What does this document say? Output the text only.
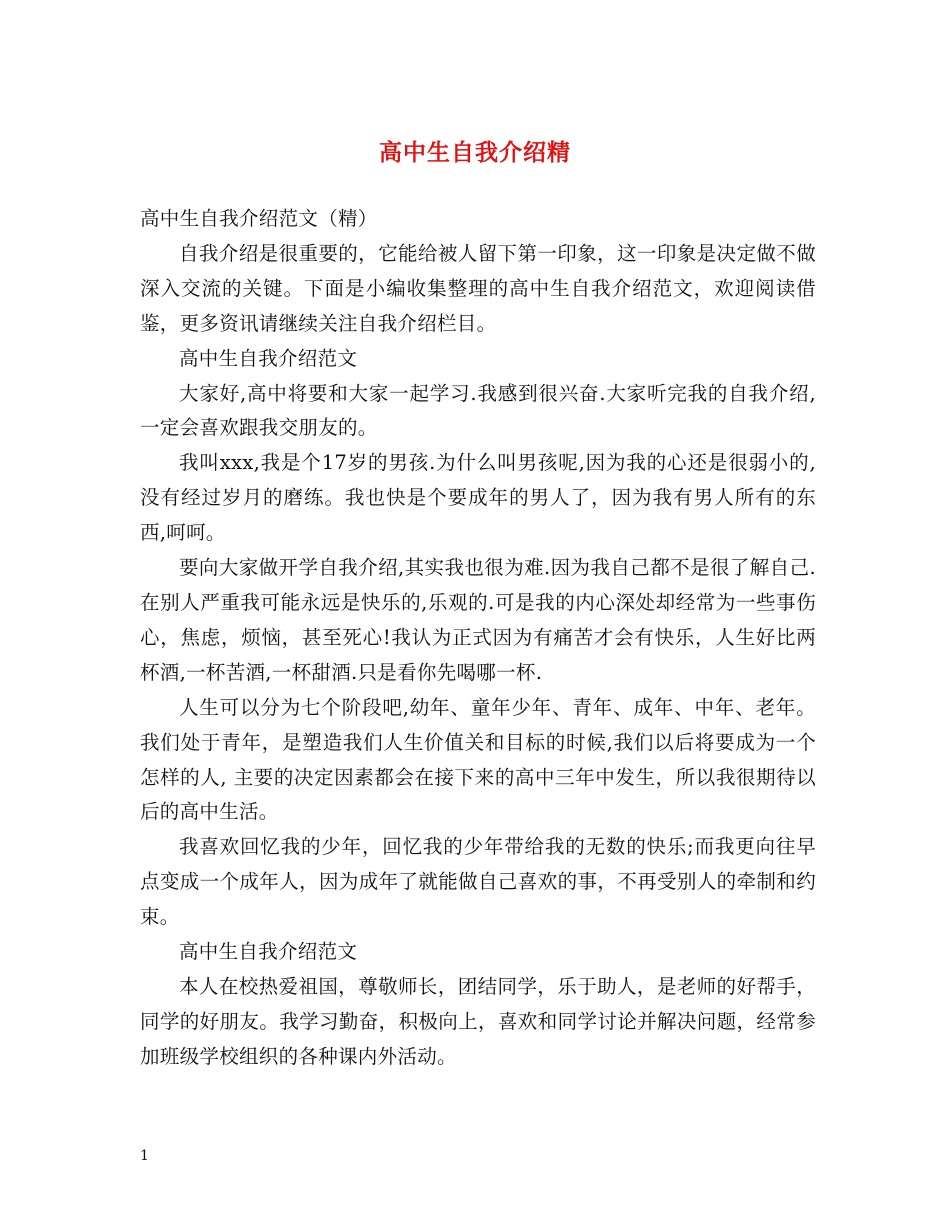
高中生自我介绍精

高中生自我介绍范文（精）

自我介绍是很重要的，它能给被人留下第一印象，这一印象是决定做不做深入交流的关键。下面是小编收集整理的高中生自我介绍范文，欢迎阅读借鉴，更多资讯请继续关注自我介绍栏目。

高中生自我介绍范文

大家好,高中将要和大家一起学习.我感到很兴奋.大家听完我的自我介绍,一定会喜欢跟我交朋友的。

我叫xxx,我是个17岁的男孩.为什么叫男孩呢,因为我的心还是很弱小的,没有经过岁月的磨练。我也快是个要成年的男人了，因为我有男人所有的东西,呵呵。

要向大家做开学自我介绍,其实我也很为难.因为我自己都不是很了解自己.在别人严重我可能永远是快乐的,乐观的.可是我的内心深处却经常为一些事伤心，焦虑，烦恼，甚至死心!我认为正式因为有痛苦才会有快乐，人生好比两杯酒,一杯苦酒,一杯甜酒.只是看你先喝哪一杯.

人生可以分为七个阶段吧,幼年、童年少年、青年、成年、中年、老年。我们处于青年，是塑造我们人生价值关和目标的时候,我们以后将要成为一个怎样的人, 主要的决定因素都会在接下来的高中三年中发生，所以我很期待以后的高中生活。

我喜欢回忆我的少年，回忆我的少年带给我的无数的快乐;而我更向往早点变成一个成年人，因为成年了就能做自己喜欢的事，不再受别人的牵制和约束。

高中生自我介绍范文

本人在校热爱祖国，尊敬师长，团结同学，乐于助人，是老师的好帮手，同学的好朋友。我学习勤奋，积极向上，喜欢和同学讨论并解决问题，经常参加班级学校组织的各种课内外活动。

1
